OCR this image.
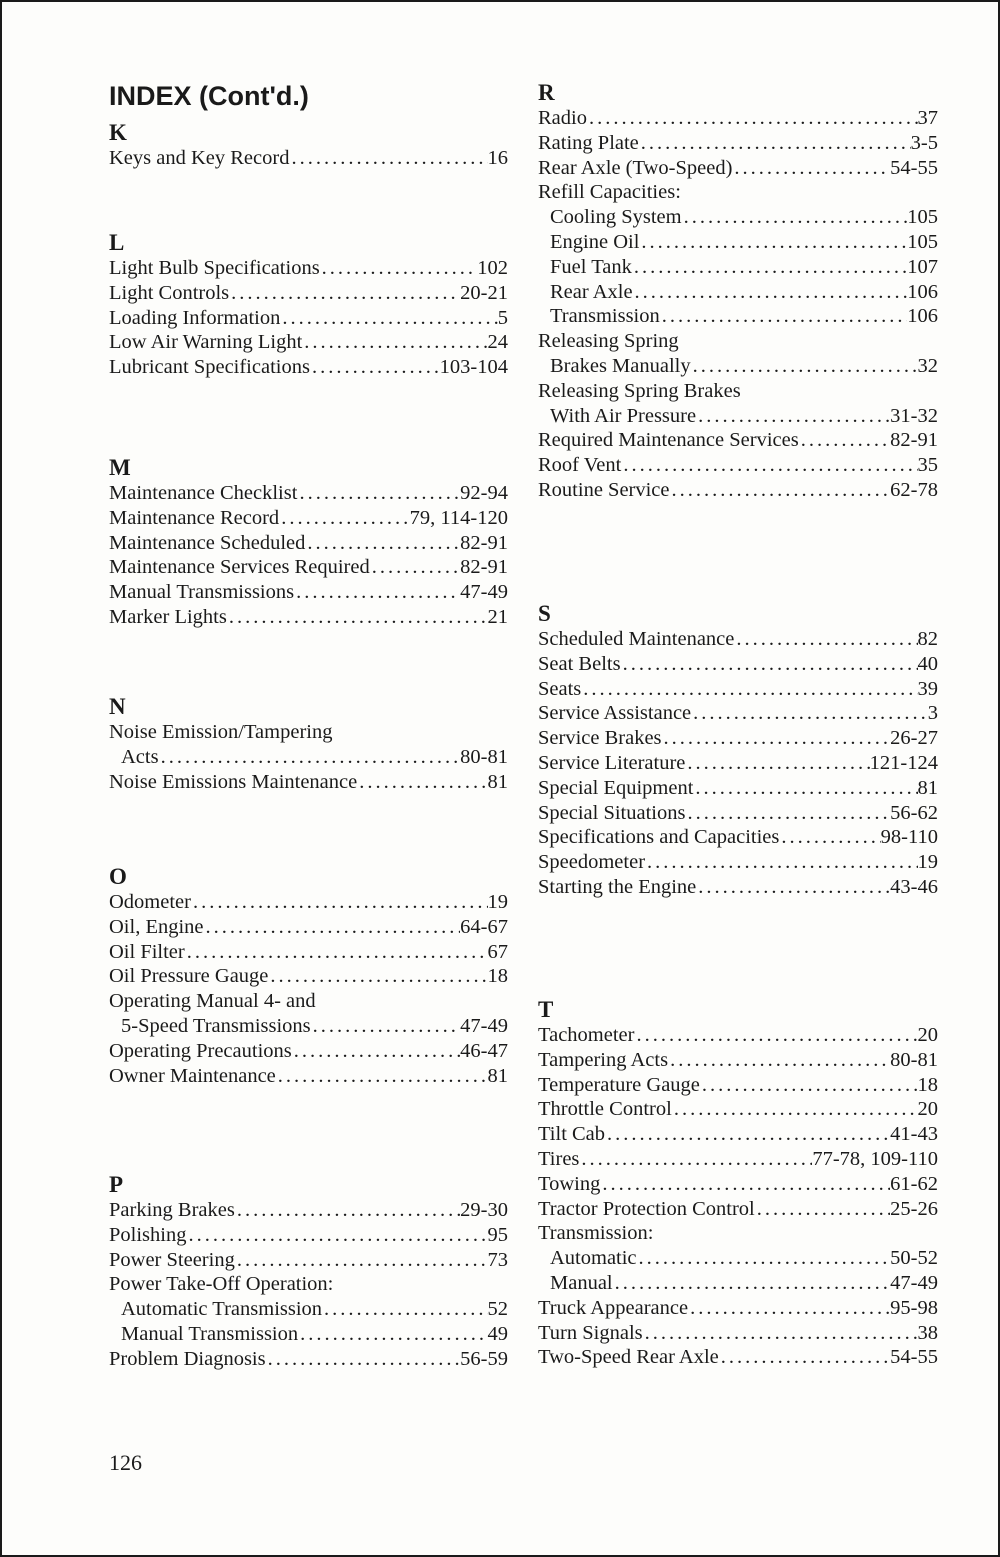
INDEX (Cont'd.)
K
Keys and Key Record .....	16
L
Light Bulb Specifications .....	102
Light Controls .....	20-21
Loading Information .....	5
Low Air Warning Light .....	24
Lubricant Specifications .....	103-104
M
Maintenance Checklist .....	92-94
Maintenance Record .....	79, 114-120
Maintenance Scheduled .....	82-91
Maintenance Services Required .....	82-91
Manual Transmissions .....	47-49
Marker Lights .....	21
N
Noise Emission/Tampering
Acts .....	80-81
Noise Emissions Maintenance .....	81
O
Odometer .....	19
Oil, Engine .....	64-67
Oil Filter .....	67
Oil Pressure Gauge .....	18
Operating Manual 4- and
5-Speed Transmissions .....	47-49
Operating Precautions .....	46-47
Owner Maintenance .....	81
P
Parking Brakes .....	29-30
Polishing .....	95
Power Steering .....	73
Power Take-Off Operation:
Automatic Transmission .....	52
Manual Transmission .....	49
Problem Diagnosis .....	56-59
R
Radio .....	37
Rating Plate .....	3-5
Rear Axle (Two-Speed) .....	54-55
Refill Capacities:
Cooling System .....	105
Engine Oil .....	105
Fuel Tank .....	107
Rear Axle .....	106
Transmission .....	106
Releasing Spring
Brakes Manually .....	32
Releasing Spring Brakes
With Air Pressure .....	31-32
Required Maintenance Services .....	82-91
Roof Vent .....	35
Routine Service .....	62-78
S
Scheduled Maintenance .....	82
Seat Belts .....	40
Seats .....	39
Service Assistance .....	3
Service Brakes .....	26-27
Service Literature .....	121-124
Special Equipment .....	81
Special Situations .....	56-62
Specifications and Capacities .....	98-110
Speedometer .....	19
Starting the Engine .....	43-46
T
Tachometer .....	20
Tampering Acts .....	80-81
Temperature Gauge .....	18
Throttle Control .....	20
Tilt Cab .....	41-43
Tires .....	77-78, 109-110
Towing .....	61-62
Tractor Protection Control .....	25-26
Transmission:
Automatic .....	50-52
Manual .....	47-49
Truck Appearance .....	95-98
Turn Signals .....	38
Two-Speed Rear Axle .....	54-55
126
